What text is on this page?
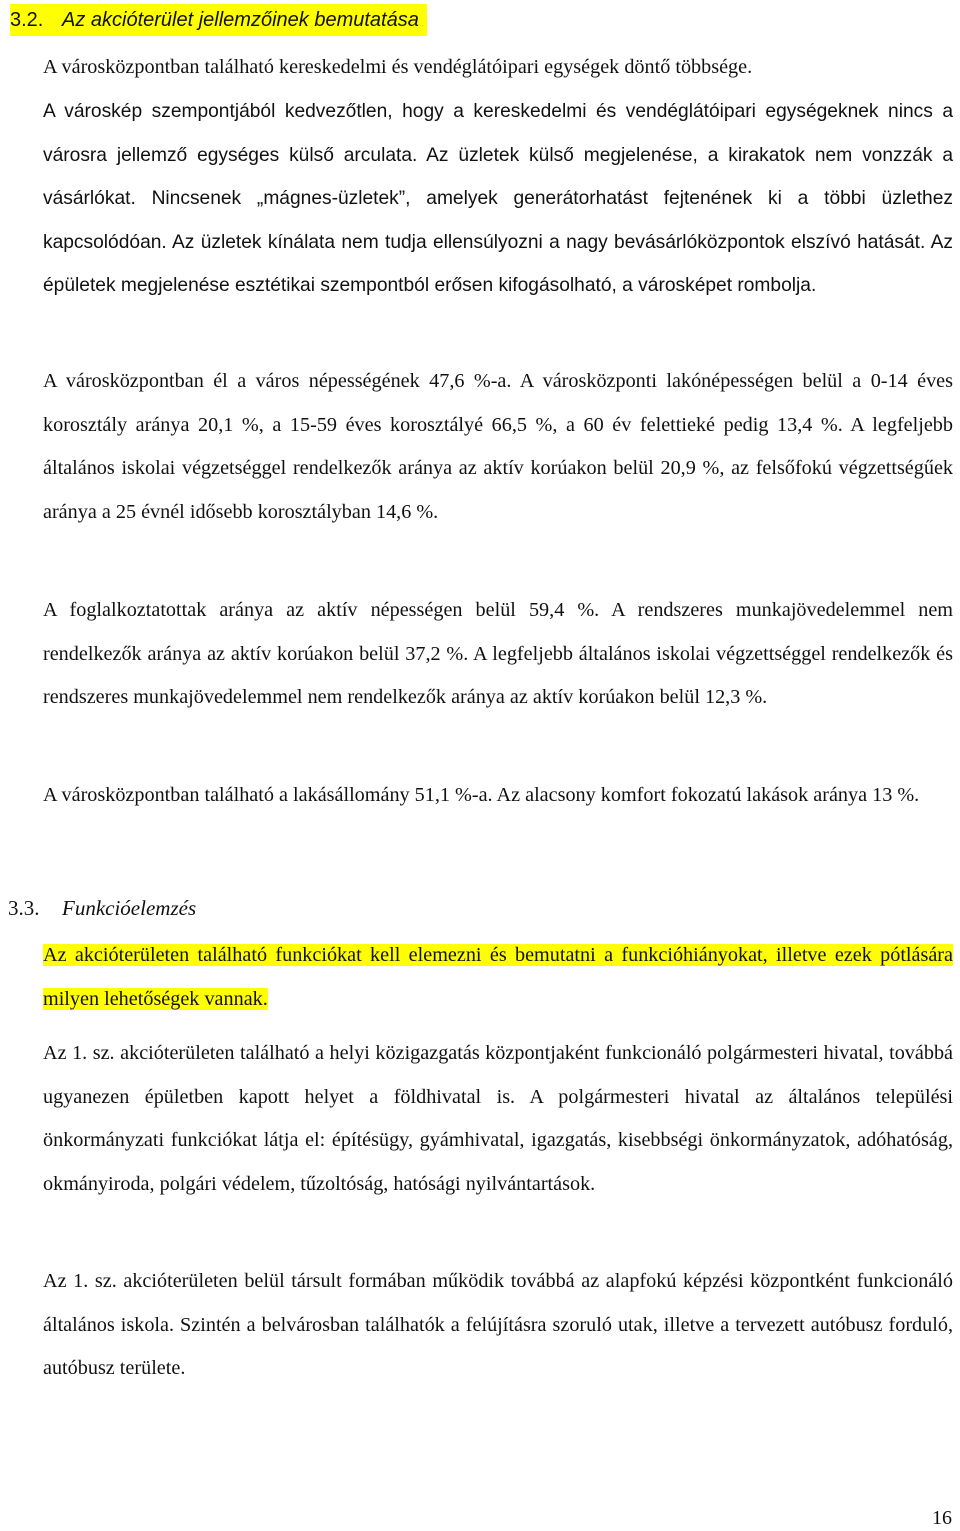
3.2. Az akcióterület jellemzőinek bemutatása

A városközpontban található kereskedelmi és vendéglátóipari egységek döntő többsége.

A városkép szempontjából kedvezőtlen, hogy a kereskedelmi és vendéglátóipari egységeknek nincs a városra jellemző egységes külső arculata. Az üzletek külső megjelenése, a kirakatok nem vonzzák a vásárlókat. Nincsenek „mágnes-üzletek”, amelyek generátorhatást fejtenének ki a többi üzlethez kapcsolódóan. Az üzletek kínálata nem tudja ellensúlyozni a nagy bevásárlóközpontok elszívó hatását. Az épületek megjelenése esztétikai szempontból erősen kifogásolható, a városképet rombolja.

A városközpontban él a város népességének 47,6 %-a. A városközponti lakónépességen belül a 0-14 éves korosztály aránya 20,1 %, a 15-59 éves korosztályé 66,5 %, a 60 év felettieké pedig 13,4 %. A legfeljebb általános iskolai végzetséggel rendelkezők aránya az aktív korúakon belül 20,9 %, az felsőfokú végzettségűek aránya a 25 évnél idősebb korosztályban 14,6 %.

A foglalkoztatottak aránya az aktív népességen belül 59,4 %. A rendszeres munkajövedelemmel nem rendelkezők aránya az aktív korúakon belül 37,2 %. A legfeljebb általános iskolai végzettséggel rendelkezők és rendszeres munkajövedelemmel nem rendelkezők aránya az aktív korúakon belül 12,3 %.

A városközpontban található a lakásállomány 51,1 %-a. Az alacsony komfort fokozatú lakások aránya 13 %.

3.3. Funkcióelemzés

Az akcióterületen található funkciókat kell elemezni és bemutatni a funkcióhiányokat, illetve ezek pótlására milyen lehetőségek vannak.

Az 1. sz. akcióterületen található a helyi közigazgatás központjaként funkcionáló polgármesteri hivatal, továbbá ugyanezen épületben kapott helyet a földhivatal is. A polgármesteri hivatal az általános települési önkormányzati funkciókat látja el: építésügy, gyámhivatal, igazgatás, kisebbségi önkormányzatok, adóhatóság, okmányiroda, polgári védelem, tűzoltóság, hatósági nyilvántartások.

Az 1. sz. akcióterületen belül társult formában működik továbbá az alapfokú képzési központként funkcionáló általános iskola. Szintén a belvárosban találhatók a felújításra szoruló utak, illetve a tervezett autóbusz forduló, autóbusz területe.

16
